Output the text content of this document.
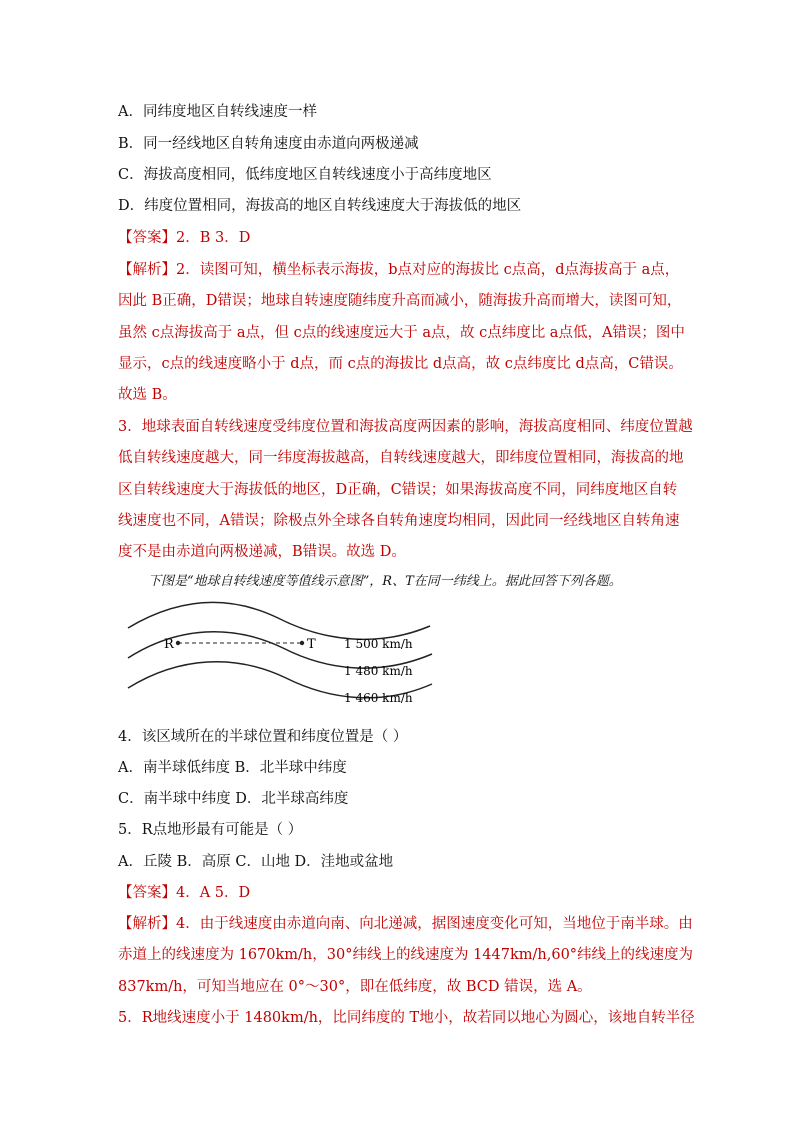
A．同纬度地区自转线速度一样
B．同一经线地区自转角速度由赤道向两极递减
C．海拔高度相同，低纬度地区自转线速度小于高纬度地区
D．纬度位置相同，海拔高的地区自转线速度大于海拔低的地区
【答案】2．B 3．D
【解析】2．读图可知，横坐标表示海拔，b点对应的海拔比 c点高，d点海拔高于 a点，
因此 B正确，D错误；地球自转速度随纬度升高而减小，随海拔升高而增大，读图可知，
虽然 c点海拔高于 a点，但 c点的线速度远大于 a点，故 c点纬度比 a点低，A错误；图中
显示，c点的线速度略小于 d点，而 c点的海拔比 d点高，故 c点纬度比 d点高，C错误。
故选 B。
3．地球表面自转线速度受纬度位置和海拔高度两因素的影响，海拔高度相同、纬度位置越
低自转线速度越大，同一纬度海拔越高，自转线速度越大，即纬度位置相同，海拔高的地
区自转线速度大于海拔低的地区，D正确，C错误；如果海拔高度不同，同纬度地区自转
线速度也不同，A错误；除极点外全球各自转角速度均相同，因此同一经线地区自转角速
度不是由赤道向两极递减，B错误。故选 D。
下图是“地球自转线速度等值线示意图”，R、T在同一纬线上。据此回答下列各题。
R	T 1 500 km/h
1 480 km/h
1 460 km/h
4．该区域所在的半球位置和纬度位置是（ ）
A．南半球低纬度 B．北半球中纬度
C．南半球中纬度 D．北半球高纬度
5．R点地形最有可能是（ ）
A．丘陵 B．高原 C．山地 D．洼地或盆地
【答案】4．A 5．D
【解析】4．由于线速度由赤道向南、向北递减，据图速度变化可知，当地位于南半球。由
赤道上的线速度为 1670km/h，30°纬线上的线速度为 1447km/h,60°纬线上的线速度为
837km/h，可知当地应在 0°～30°，即在低纬度，故 BCD 错误，选 A。
5．R地线速度小于 1480km/h，比同纬度的 T地小，故若同以地心为圆心，该地自转半径
